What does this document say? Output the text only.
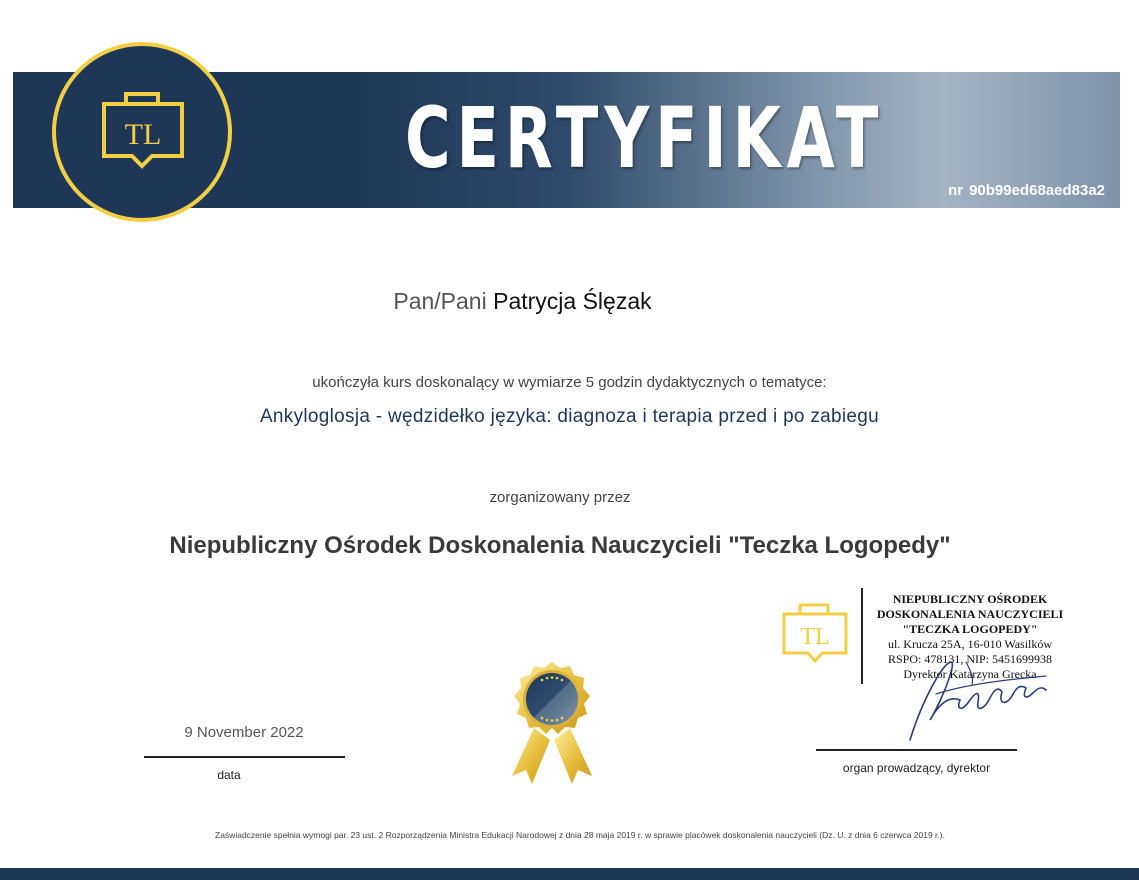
TL	CERTYFIKAT
nr 90b99ed68aed83a2
Pan/Pani Patrycja Ślęzak
ukończyła kurs doskonalący w wymiarze 5 godzin dydaktycznych o tematyce:
Ankyloglosja - wędzidełko języka: diagnoza i terapia przed i po zabiegu
zorganizowany przez
Niepubliczny Ośrodek Doskonalenia Nauczycieli "Teczka Logopedy"
9 November 2022
data
TL
NIEPUBLICZNY OŚRODEK
DOSKONALENIA NAUCZYCIELI
"TECZKA LOGOPEDY"
ul. Krucza 25A, 16-010 Wasilków
RSPO: 478131, NIP: 5451699938
Dyrektor Katarzyna Grecka
organ prowadzący, dyrektor
Zaświadczenie spełnia wymogi par. 23 ust. 2 Rozporządzenia Ministra Edukacji Narodowej z dnia 28 maja 2019 r. w sprawie placówek doskonalenia nauczycieli (Dz. U. z dnia 6 czerwca 2019 r.).
